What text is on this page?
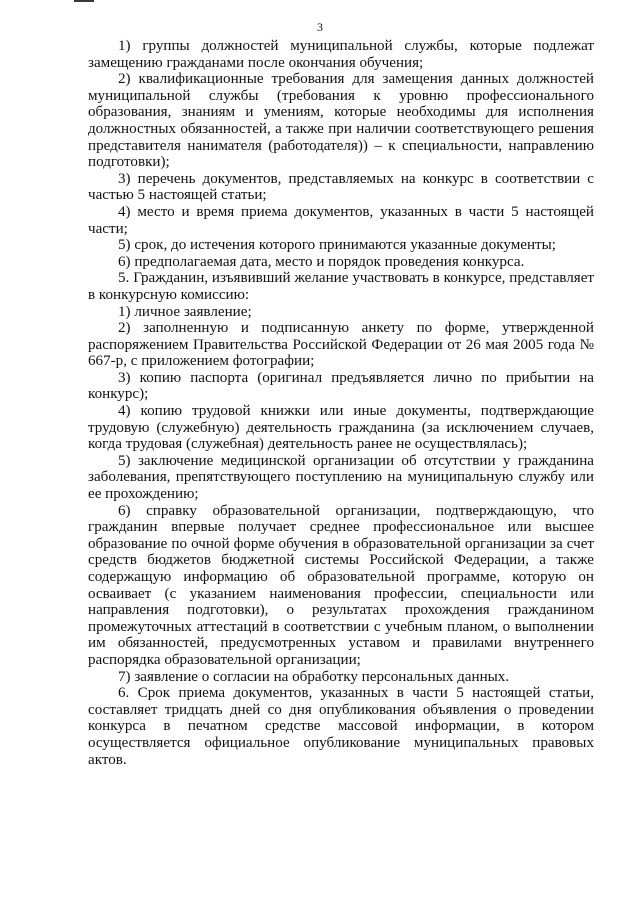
3

1) группы должностей муниципальной службы, которые подлежат замещению гражданами после окончания обучения;

2) квалификационные требования для замещения данных должностей муниципальной службы (требования к уровню профессионального образования, знаниям и умениям, которые необходимы для исполнения должностных обязанностей, а также при наличии соответствующего решения представителя нанимателя (работодателя)) – к специальности, направлению подготовки);

3) перечень документов, представляемых на конкурс в соответствии с частью 5 настоящей статьи;

4) место и время приема документов, указанных в части 5 настоящей части;

5) срок, до истечения которого принимаются указанные документы;

6) предполагаемая дата, место и порядок проведения конкурса.

5. Гражданин, изъявивший желание участвовать в конкурсе, представляет в конкурсную комиссию:

1) личное заявление;

2) заполненную и подписанную анкету по форме, утвержденной распоряжением Правительства Российской Федерации от 26 мая 2005 года № 667-р, с приложением фотографии;

3) копию паспорта (оригинал предъявляется лично по прибытии на конкурс);

4) копию трудовой книжки или иные документы, подтверждающие трудовую (служебную) деятельность гражданина (за исключением случаев, когда трудовая (служебная) деятельность ранее не осуществлялась);

5) заключение медицинской организации об отсутствии у гражданина заболевания, препятствующего поступлению на муниципальную службу или ее прохождению;

6) справку образовательной организации, подтверждающую, что гражданин впервые получает среднее профессиональное или высшее образование по очной форме обучения в образовательной организации за счет средств бюджетов бюджетной системы Российской Федерации, а также содержащую информацию об образовательной программе, которую он осваивает (с указанием наименования профессии, специальности или направления подготовки), о результатах прохождения гражданином промежуточных аттестаций в соответствии с учебным планом, о выполнении им обязанностей, предусмотренных уставом и правилами внутреннего распорядка образовательной организации;

7) заявление о согласии на обработку персональных данных.

6. Срок приема документов, указанных в части 5 настоящей статьи, составляет тридцать дней со дня опубликования объявления о проведении конкурса в печатном средстве массовой информации, в котором осуществляется официальное опубликование муниципальных правовых актов.
